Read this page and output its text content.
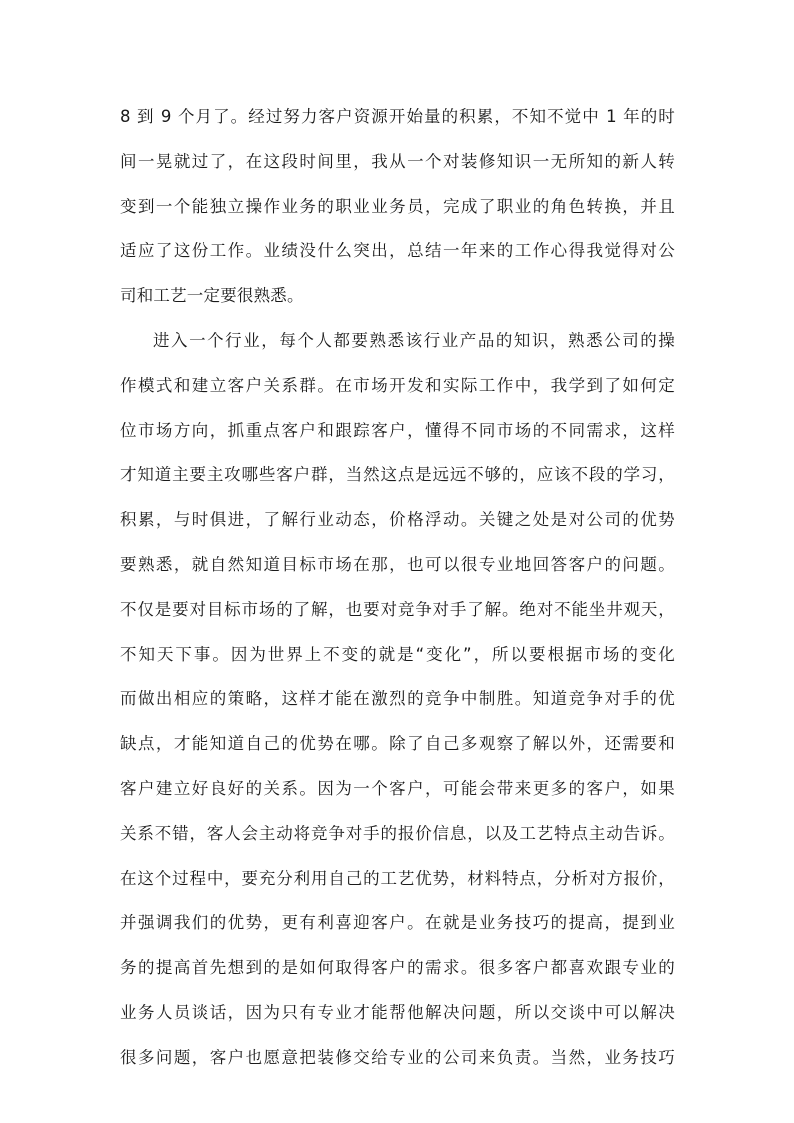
8 到 9 个月了。经过努力客户资源开始量的积累，不知不觉中 1 年的时
间一晃就过了，在这段时间里，我从一个对装修知识一无所知的新人转
变到一个能独立操作业务的职业业务员，完成了职业的角色转换，并且
适应了这份工作。业绩没什么突出，总结一年来的工作心得我觉得对公
司和工艺一定要很熟悉。
进入一个行业，每个人都要熟悉该行业产品的知识，熟悉公司的操
作模式和建立客户关系群。在市场开发和实际工作中，我学到了如何定
位市场方向，抓重点客户和跟踪客户，懂得不同市场的不同需求，这样
才知道主要主攻哪些客户群，当然这点是远远不够的，应该不段的学习，
积累，与时俱进，了解行业动态，价格浮动。关键之处是对公司的优势
要熟悉，就自然知道目标市场在那，也可以很专业地回答客户的问题。
不仅是要对目标市场的了解，也要对竞争对手了解。绝对不能坐井观天，
不知天下事。因为世界上不变的就是“变化”，所以要根据市场的变化
而做出相应的策略，这样才能在激烈的竞争中制胜。知道竞争对手的优
缺点，才能知道自己的优势在哪。除了自己多观察了解以外，还需要和
客户建立好良好的关系。因为一个客户，可能会带来更多的客户，如果
关系不错，客人会主动将竞争对手的报价信息，以及工艺特点主动告诉。
在这个过程中，要充分利用自己的工艺优势，材料特点，分析对方报价，
并强调我们的优势，更有利喜迎客户。在就是业务技巧的提高，提到业
务的提高首先想到的是如何取得客户的需求。很多客户都喜欢跟专业的
业务人员谈话，因为只有专业才能帮他解决问题，所以交谈中可以解决
很多问题，客户也愿意把装修交给专业的公司来负责。当然，业务技巧
